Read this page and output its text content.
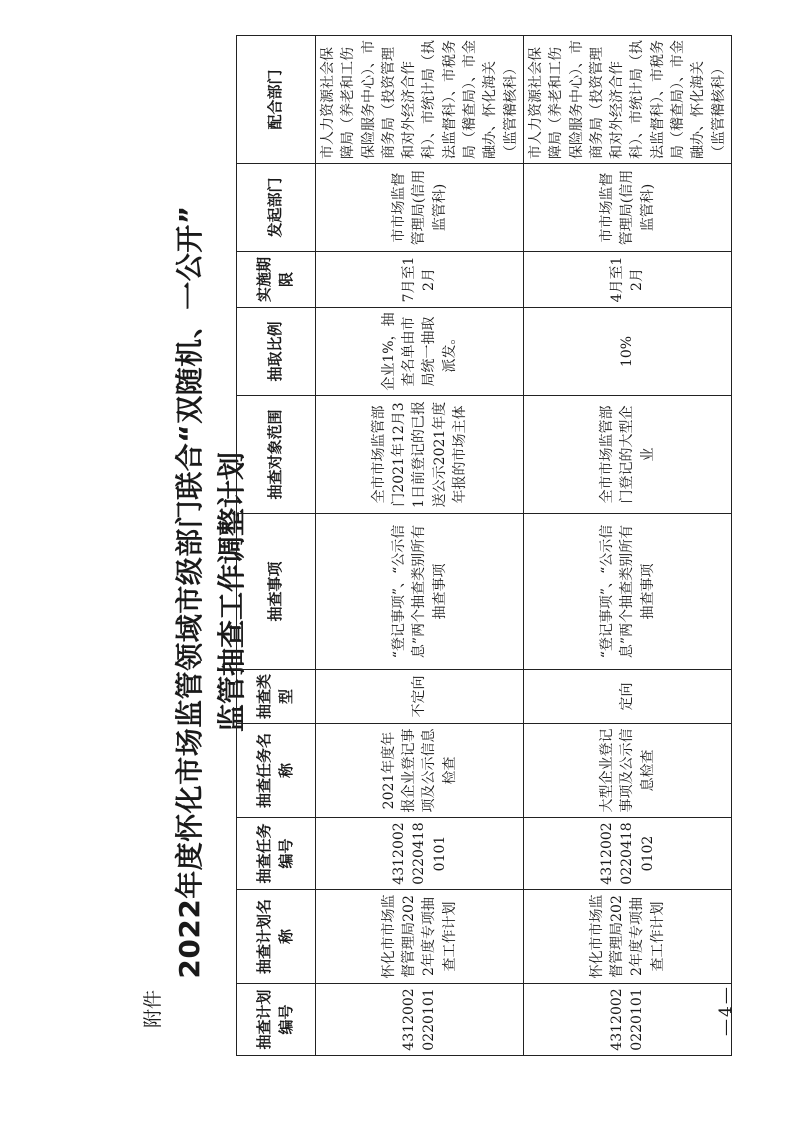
附件
2022年度怀化市场监管领域市级部门联合“双随机、一公开” 监管抽查工作调整计划
抽查计划编号	抽查计划名称	抽查任务编号	抽查任务名称	抽查类型	抽查事项	抽查对象范围	抽取比例	实施期限	发起部门	配合部门
43120020220101	怀化市市场监督管理局2022年度专项抽查工作计划	431200202204180101	2021年度年报企业登记事项及公示信息检查	不定向	“登记事项”、“公示信息”两个抽查类别所有抽查事项	全市市场监管部门2021年12月31日前登记的已报送公示2021年度年报的市场主体	企业1%，抽查名单由市局统一抽取派发。	7月至12月	市市场监督管理局(信用监管科)	市人力资源社会保障局（养老和工伤保险服务中心）、市商务局（投资管理和对外经济合作科）、市统计局（执法监督科）、市税务局（稽查局）、市金融办、怀化海关（监管稽核科）
43120020220101	怀化市市场监督管理局2022年度专项抽查工作计划	431200202204180102	大型企业登记事项及公示信息检查	定向	“登记事项”、“公示信息”两个抽查类别所有抽查事项	全市市场监管部门登记的大型企业	10%	4月至12月	市市场监督管理局(信用监管科)	市人力资源社会保障局（养老和工伤保险服务中心）、市商务局（投资管理和对外经济合作科）、市统计局（执法监督科）、市税务局（稽查局）、市金融办、怀化海关（监管稽核科）
—4—
